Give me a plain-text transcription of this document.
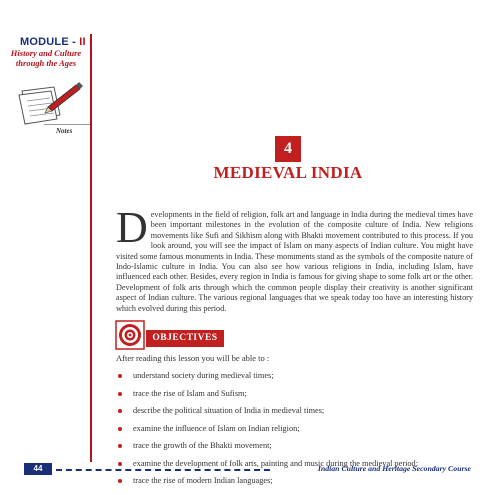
MODULE - II
History and Culture through the Ages
Notes
4
MEDIEVAL INDIA
Developments in the field of religion, folk art and language in India during the medieval times have been important milestones in the evolution of the composite culture of India. New religions movements like Sufi and Sikhism along with Bhakti movement contributed to this process. If you look around, you will see the impact of Islam on many aspects of Indian culture. You might have visited some famous monuments in India. These monuments stand as the symbols of the composite nature of Indo-Islamic culture in India. You can also see how various religions in India, including Islam, have influenced each other. Besides, every region in India is famous for giving shape to some folk art or the other. Development of folk arts through which the common people display their creativity is another significant aspect of Indian culture. The various regional languages that we speak today too have an interesting history which evolved during this period.
OBJECTIVES
After reading this lesson you will be able to :
understand society during medieval times;
trace the rise of Islam and Sufism;
describe the political situation of India in medieval times;
examine the influence of Islam on Indian religion;
trace the growth of the Bhakti movement;
examine the development of folk arts, painting and music during the medieval period;
trace the rise of modern Indian languages;
44	Indian Culture and Heritage Secondary Course
